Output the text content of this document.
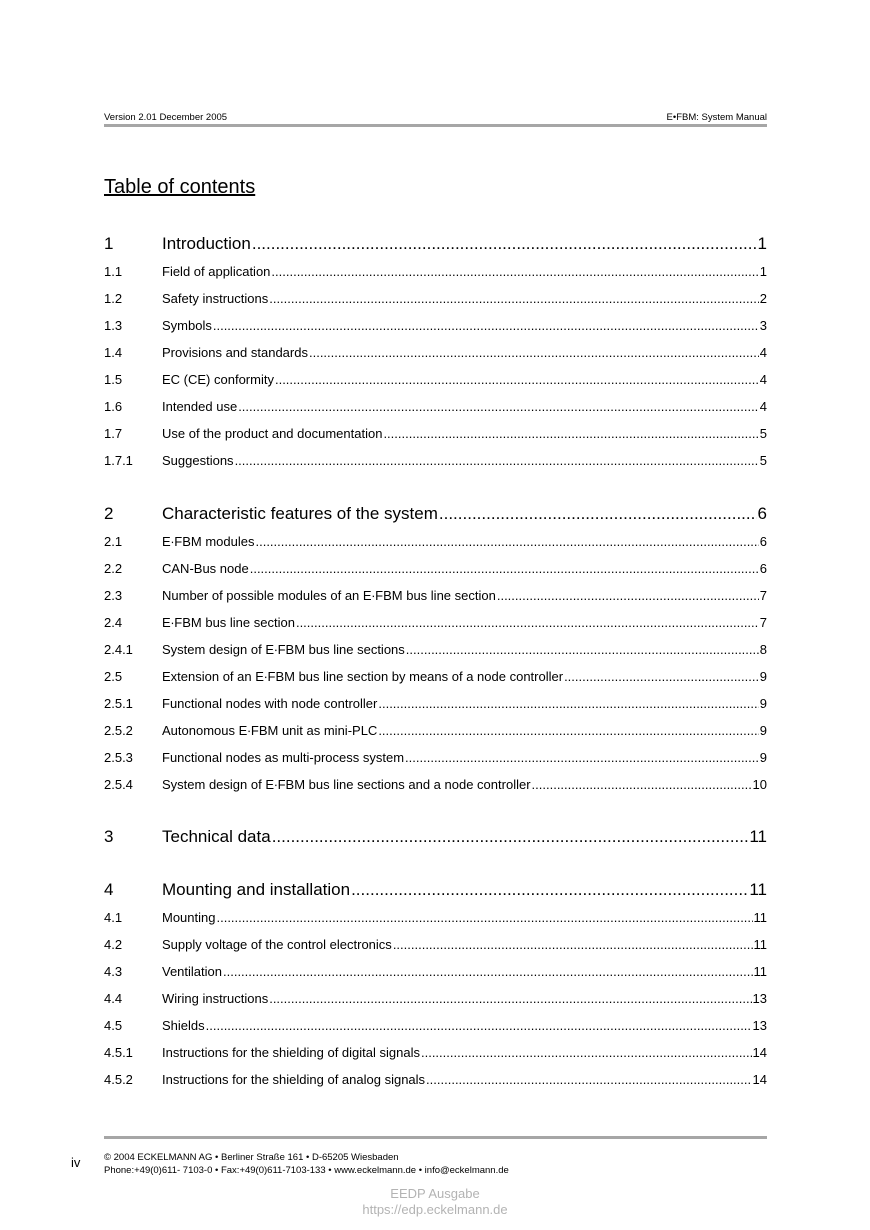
Version 2.01 December 2005	E•FBM: System Manual
Table of contents
1	Introduction .....	1
1.1	Field of application .....	1
1.2	Safety instructions .....	2
1.3	Symbols .....	3
1.4	Provisions and standards .....	4
1.5	EC (CE) conformity .....	4
1.6	Intended use .....	4
1.7	Use of the product and documentation .....	5
1.7.1	Suggestions .....	5
2	Characteristic features of the system .....	6
2.1	E∙FBM modules .....	6
2.2	CAN-Bus node .....	6
2.3	Number of possible modules of an E∙FBM bus line section .....	7
2.4	E∙FBM bus line section .....	7
2.4.1	System design of E∙FBM bus line sections .....	8
2.5	Extension of an E∙FBM bus line section by means of a node controller .....	9
2.5.1	Functional nodes with node controller .....	9
2.5.2	Autonomous E∙FBM unit as mini-PLC .....	9
2.5.3	Functional nodes as multi-process system .....	9
2.5.4	System design of E∙FBM bus line sections and a node controller .....	10
3	Technical data .....	11
4	Mounting and installation .....	11
4.1	Mounting .....	11
4.2	Supply voltage of the control electronics .....	11
4.3	Ventilation .....	11
4.4	Wiring instructions .....	13
4.5	Shields .....	13
4.5.1	Instructions for the shielding of digital signals .....	14
4.5.2	Instructions for the shielding of analog signals .....	14
iv © 2004 ECKELMANN AG • Berliner Straße 161 • D-65205 Wiesbaden
Phone:+49(0)611- 7103-0 • Fax:+49(0)611-7103-133 • www.eckelmann.de • info@eckelmann.de
EEDP Ausgabe
https://edp.eckelmann.de
